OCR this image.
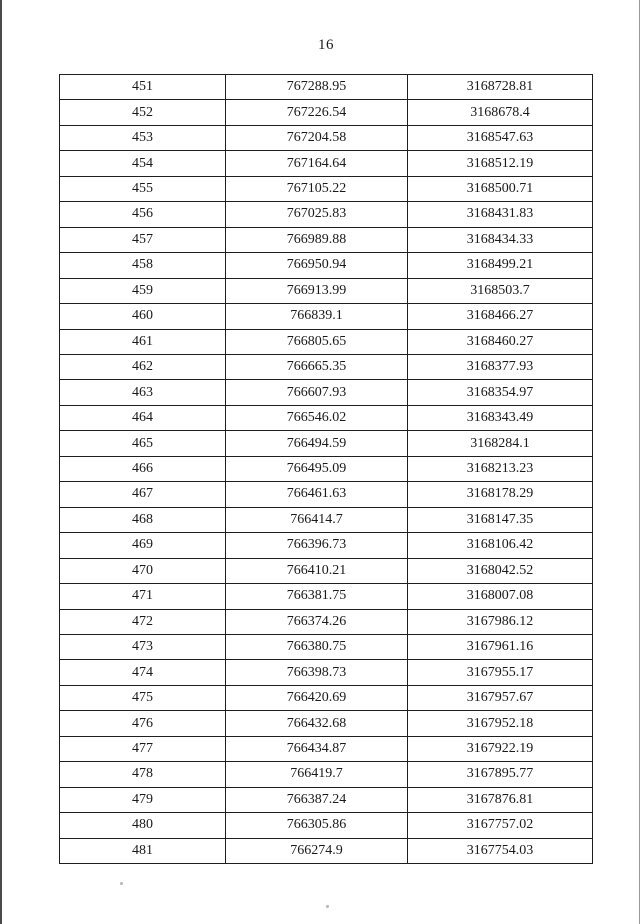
16
451	767288.95	3168728.81
452	767226.54	3168678.4
453	767204.58	3168547.63
454	767164.64	3168512.19
455	767105.22	3168500.71
456	767025.83	3168431.83
457	766989.88	3168434.33
458	766950.94	3168499.21
459	766913.99	3168503.7
460	766839.1	3168466.27
461	766805.65	3168460.27
462	766665.35	3168377.93
463	766607.93	3168354.97
464	766546.02	3168343.49
465	766494.59	3168284.1
466	766495.09	3168213.23
467	766461.63	3168178.29
468	766414.7	3168147.35
469	766396.73	3168106.42
470	766410.21	3168042.52
471	766381.75	3168007.08
472	766374.26	3167986.12
473	766380.75	3167961.16
474	766398.73	3167955.17
475	766420.69	3167957.67
476	766432.68	3167952.18
477	766434.87	3167922.19
478	766419.7	3167895.77
479	766387.24	3167876.81
480	766305.86	3167757.02
481	766274.9	3167754.03
